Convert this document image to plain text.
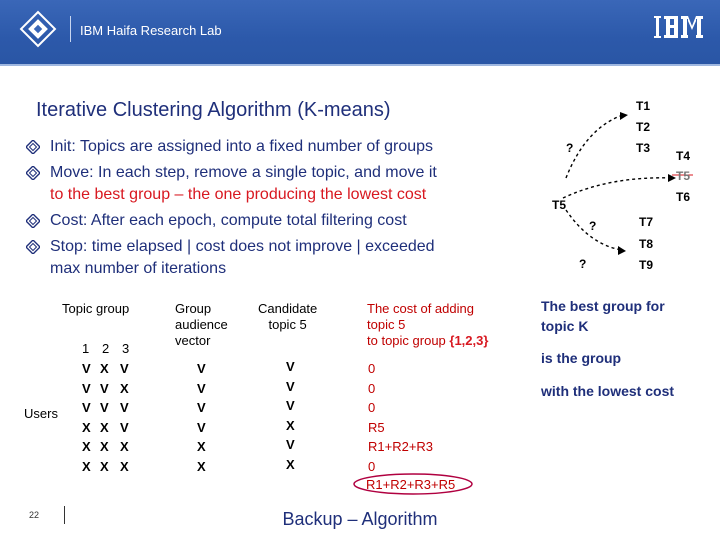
IBM Haifa Research Lab
Iterative Clustering Algorithm (K-means)
Init: Topics are assigned into a fixed number of groups
Move: In each step, remove a single topic, and move it
to the best group – the one producing the lowest cost
Cost: After each epoch, compute total filtering cost
Stop: time elapsed | cost does not improve | exceeded
max number of iterations
Topic group
1 2 3
Users
V X V
V V X
V V V
X X V
X X X
X X X
Group
audience
vector
V
V
V
V
X
X
Candidate
topic 5
V
V
V
X
V
X
The cost of adding
topic 5
to topic group {1,2,3}
0
0
0
R5
R1+R2+R3
0
R1+R2+R3+R5
T1
T2
T3
T4
T5
T6
T5
T7
T8
T9
?
?
?
The best group for
topic K
is the group
with the lowest cost
22	Backup – Algorithm
